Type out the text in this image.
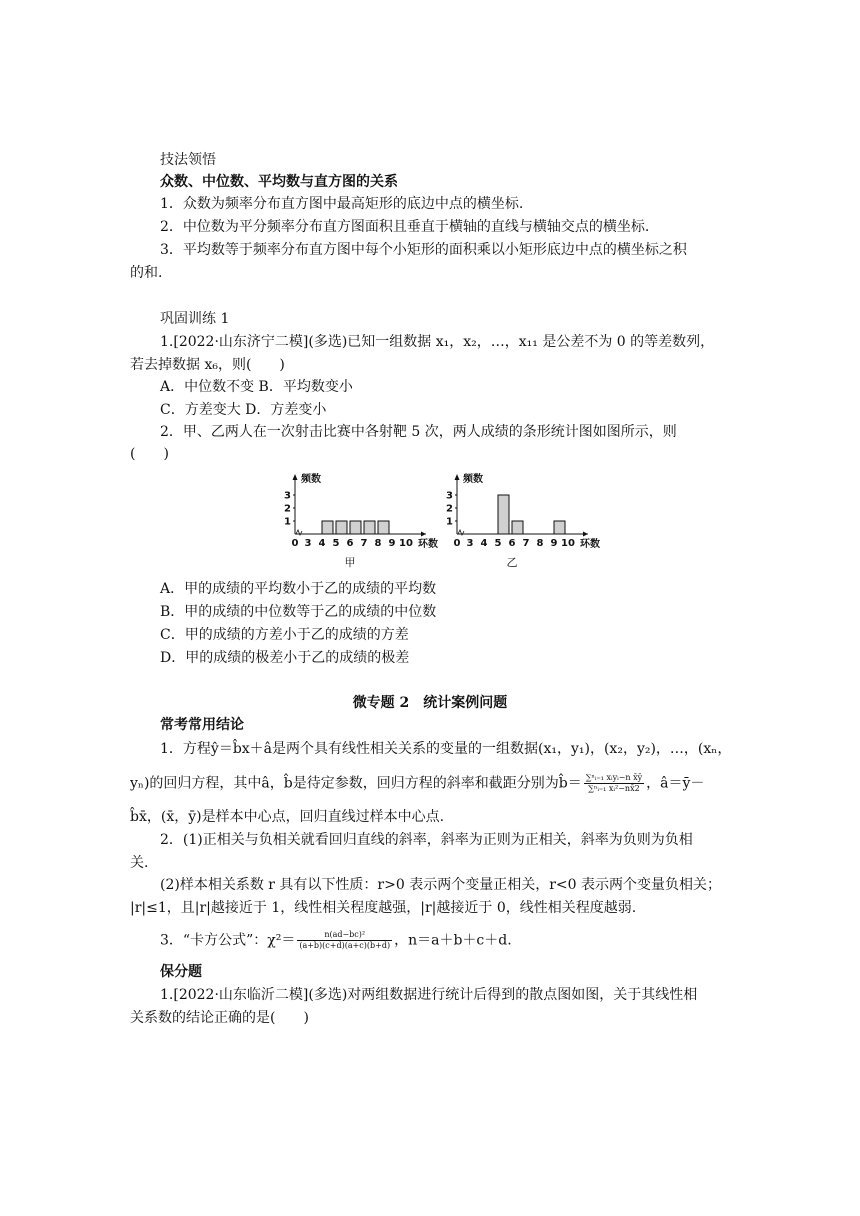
技法领悟
众数、中位数、平均数与直方图的关系
1．众数为频率分布直方图中最高矩形的底边中点的横坐标.
2．中位数为平分频率分布直方图面积且垂直于横轴的直线与横轴交点的横坐标.
3．平均数等于频率分布直方图中每个小矩形的面积乘以小矩形底边中点的横坐标之积
的和.
巩固训练 1
1.[2022·山东济宁二模](多选)已知一组数据 x₁，x₂，…，x₁₁ 是公差不为 0 的等差数列，
若去掉数据 x₆，则(　　)
A．中位数不变 B．平均数变小
C．方差变大 D．方差变小
2．甲、乙两人在一次射击比赛中各射靶 5 次，两人成绩的条形统计图如图所示，则
(　　)
频数
1
2
3
0 3 4 5 6 7 8 9 10 环数
甲
频数
1
2
3
0 3 4 5 6 7 8 9 10 环数
乙
A．甲的成绩的平均数小于乙的成绩的平均数
B．甲的成绩的中位数等于乙的成绩的中位数
C．甲的成绩的方差小于乙的成绩的方差
D．甲的成绩的极差小于乙的成绩的极差
微专题 2　统计案例问题
常考常用结论
1．方程ŷ＝b̂x＋â是两个具有线性相关关系的变量的一组数据(x₁，y₁)，(x₂，y₂)，…，(xₙ，
yₙ)的回归方程，其中â，b̂是待定参数，回归方程的斜率和截距分别为b̂＝ $\frac{\text{∑ⁿᵢ₌₁ xᵢyᵢ−n x̄ȳ}}{\text{∑ⁿᵢ₌₁ xᵢ²−nx̄2}}$ ，â＝ȳ－
b̂x̄，(x̄，ȳ)是样本中心点，回归直线过样本中心点.
2．(1)正相关与负相关就看回归直线的斜率，斜率为正则为正相关，斜率为负则为负相
关.
(2)样本相关系数 r 具有以下性质：r>0 表示两个变量正相关，r<0 表示两个变量负相关；
|r|≤1，且|r|越接近于 1，线性相关程度越强，|r|越接近于 0，线性相关程度越弱.
3．“卡方公式”：$\chi^2= \frac{\text{n(ad−bc)²}}{(a+b)(c+d)(a+c)(b+d)}$ ，n＝a＋b＋c＋d.
保分题
1.[2022·山东临沂二模](多选)对两组数据进行统计后得到的散点图如图，关于其线性相
关系数的结论正确的是(　　)
